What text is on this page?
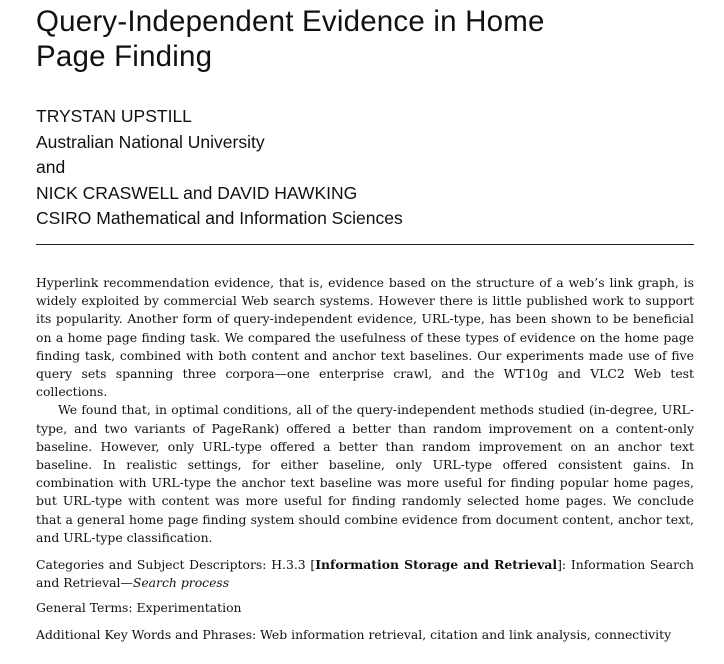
Query-Independent Evidence in Home
Page Finding
TRYSTAN UPSTILL
Australian National University
and
NICK CRASWELL and DAVID HAWKING
CSIRO Mathematical and Information Sciences

Hyperlink recommendation evidence, that is, evidence based on the structure of a web’s link graph, is widely exploited by commercial Web search systems. However there is little published work to support its popularity. Another form of query-independent evidence, URL-type, has been shown to be beneficial on a home page finding task. We compared the usefulness of these types of evidence on the home page finding task, combined with both content and anchor text baselines. Our experiments made use of five query sets spanning three corpora—one enterprise crawl, and the WT10g and VLC2 Web test collections.

We found that, in optimal conditions, all of the query-independent methods studied (in-degree, URL-type, and two variants of PageRank) offered a better than random improvement on a content-only baseline. However, only URL-type offered a better than random improvement on an anchor text baseline. In realistic settings, for either baseline, only URL-type offered consistent gains. In combination with URL-type the anchor text baseline was more useful for finding popular home pages, but URL-type with content was more useful for finding randomly selected home pages. We conclude that a general home page finding system should combine evidence from document content, anchor text, and URL-type classification.

Categories and Subject Descriptors: H.3.3 [Information Storage and Retrieval]: Information Search and Retrieval—Search process
General Terms: Experimentation
Additional Key Words and Phrases: Web information retrieval, citation and link analysis, connectivity
